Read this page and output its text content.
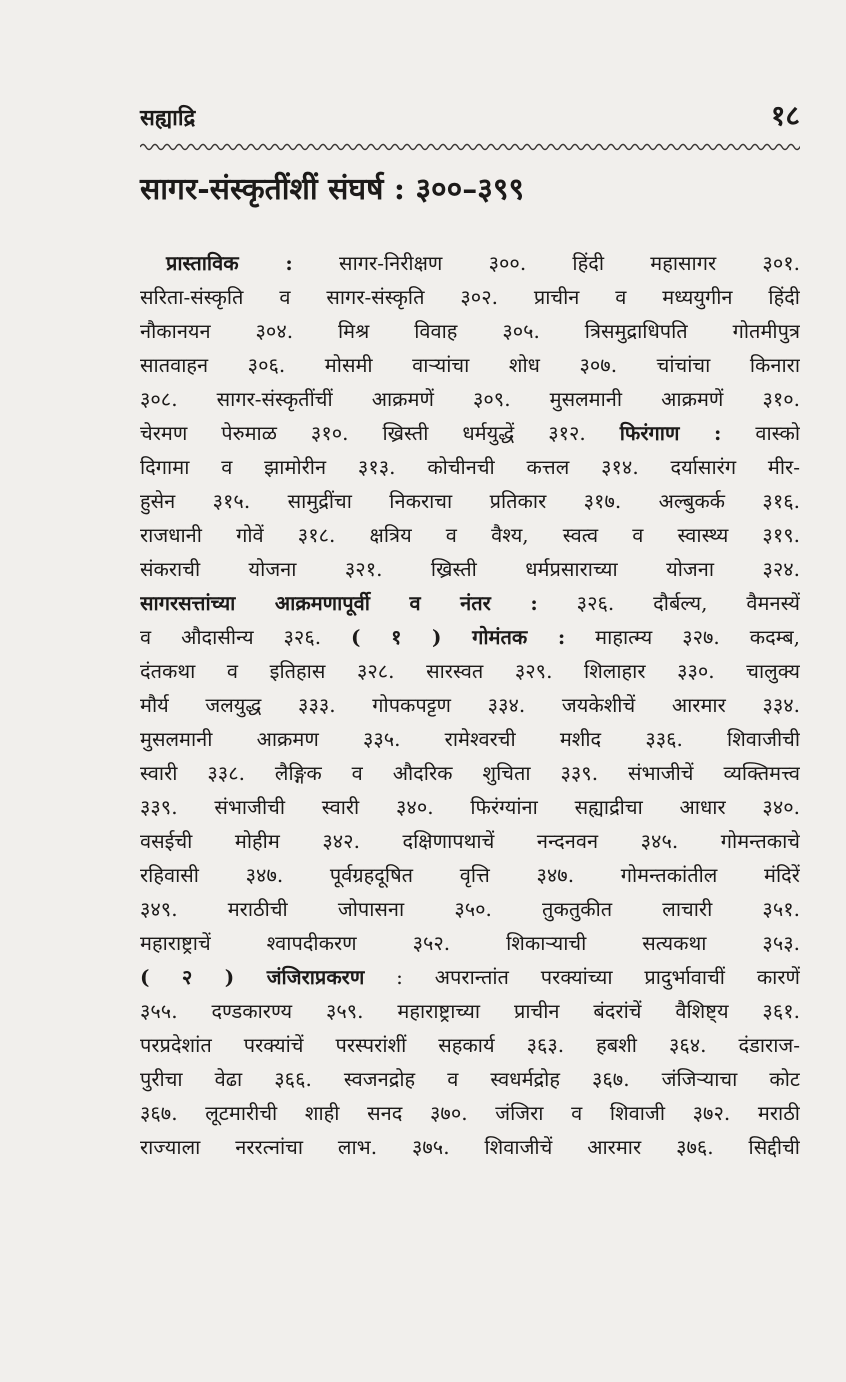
सह्याद्रि	१८
सागर-संस्कृतींशीं संघर्ष : ३००–३९९
प्रास्ताविक : सागर-निरीक्षण ३००. हिंदी महासागर ३०१.
सरिता-संस्कृति व सागर-संस्कृति ३०२. प्राचीन व मध्ययुगीन हिंदी
नौकानयन ३०४. मिश्र विवाह ३०५. त्रिसमुद्राधिपति गोतमीपुत्र
सातवाहन ३०६. मोसमी वाऱ्यांचा शोध ३०७. चांचांचा किनारा
३०८. सागर-संस्कृतींचीं आक्रमणें ३०९. मुसलमानी आक्रमणें ३१०.
चेरमण पेरुमाळ ३१०. ख्रिस्ती धर्मयुद्धें ३१२. फिरंगाण : वास्को
दिगामा व झामोरीन ३१३. कोचीनची कत्तल ३१४. दर्यासारंग मीर-
हुसेन ३१५. सामुद्रींचा निकराचा प्रतिकार ३१७. अल्बुकर्क ३१६.
राजधानी गोवें ३१८. क्षत्रिय व वैश्य, स्वत्व व स्वास्थ्य ३१९.
संकराची योजना ३२१. ख्रिस्ती धर्मप्रसाराच्या योजना ३२४.
सागरसत्तांच्या आक्रमणापूर्वी व नंतर : ३२६. दौर्बल्य, वैमनस्यें
व औदासीन्य ३२६. ( १ ) गोमंतक : माहात्म्य ३२७. कदम्ब,
दंतकथा व इतिहास ३२८. सारस्वत ३२९. शिलाहार ३३०. चालुक्य
मौर्य जलयुद्ध ३३३. गोपकपट्टण ३३४. जयकेशीचें आरमार ३३४.
मुसलमानी आक्रमण ३३५. रामेश्वरची मशीद ३३६. शिवाजीची
स्वारी ३३८. लैङ्गिक व औदरिक शुचिता ३३९. संभाजीचें व्यक्तिमत्त्व
३३९. संभाजीची स्वारी ३४०. फिरंग्यांना सह्याद्रीचा आधार ३४०.
वसईची मोहीम ३४२. दक्षिणापथाचें नन्दनवन ३४५. गोमन्तकाचे
रहिवासी ३४७. पूर्वग्रहदूषित वृत्ति ३४७. गोमन्तकांतील मंदिरें
३४९. मराठीची जोपासना ३५०. तुकतुकीत लाचारी ३५१.
महाराष्ट्राचें श्वापदीकरण ३५२. शिकाऱ्याची सत्यकथा ३५३.
( २ ) जंजिराप्रकरण : अपरान्तांत परक्यांच्या प्रादुर्भावाचीं कारणें
३५५. दण्डकारण्य ३५९. महाराष्ट्राच्या प्राचीन बंदरांचें वैशिष्ट्य ३६१.
परप्रदेशांत परक्यांचें परस्परांशीं सहकार्य ३६३. हबशी ३६४. दंडाराज-
पुरीचा वेढा ३६६. स्वजनद्रोह व स्वधर्मद्रोह ३६७. जंजिऱ्याचा कोट
३६७. लूटमारीची शाही सनद ३७०. जंजिरा व शिवाजी ३७२. मराठी
राज्याला नररत्नांचा लाभ. ३७५. शिवाजीचें आरमार ३७६. सिद्दीची
